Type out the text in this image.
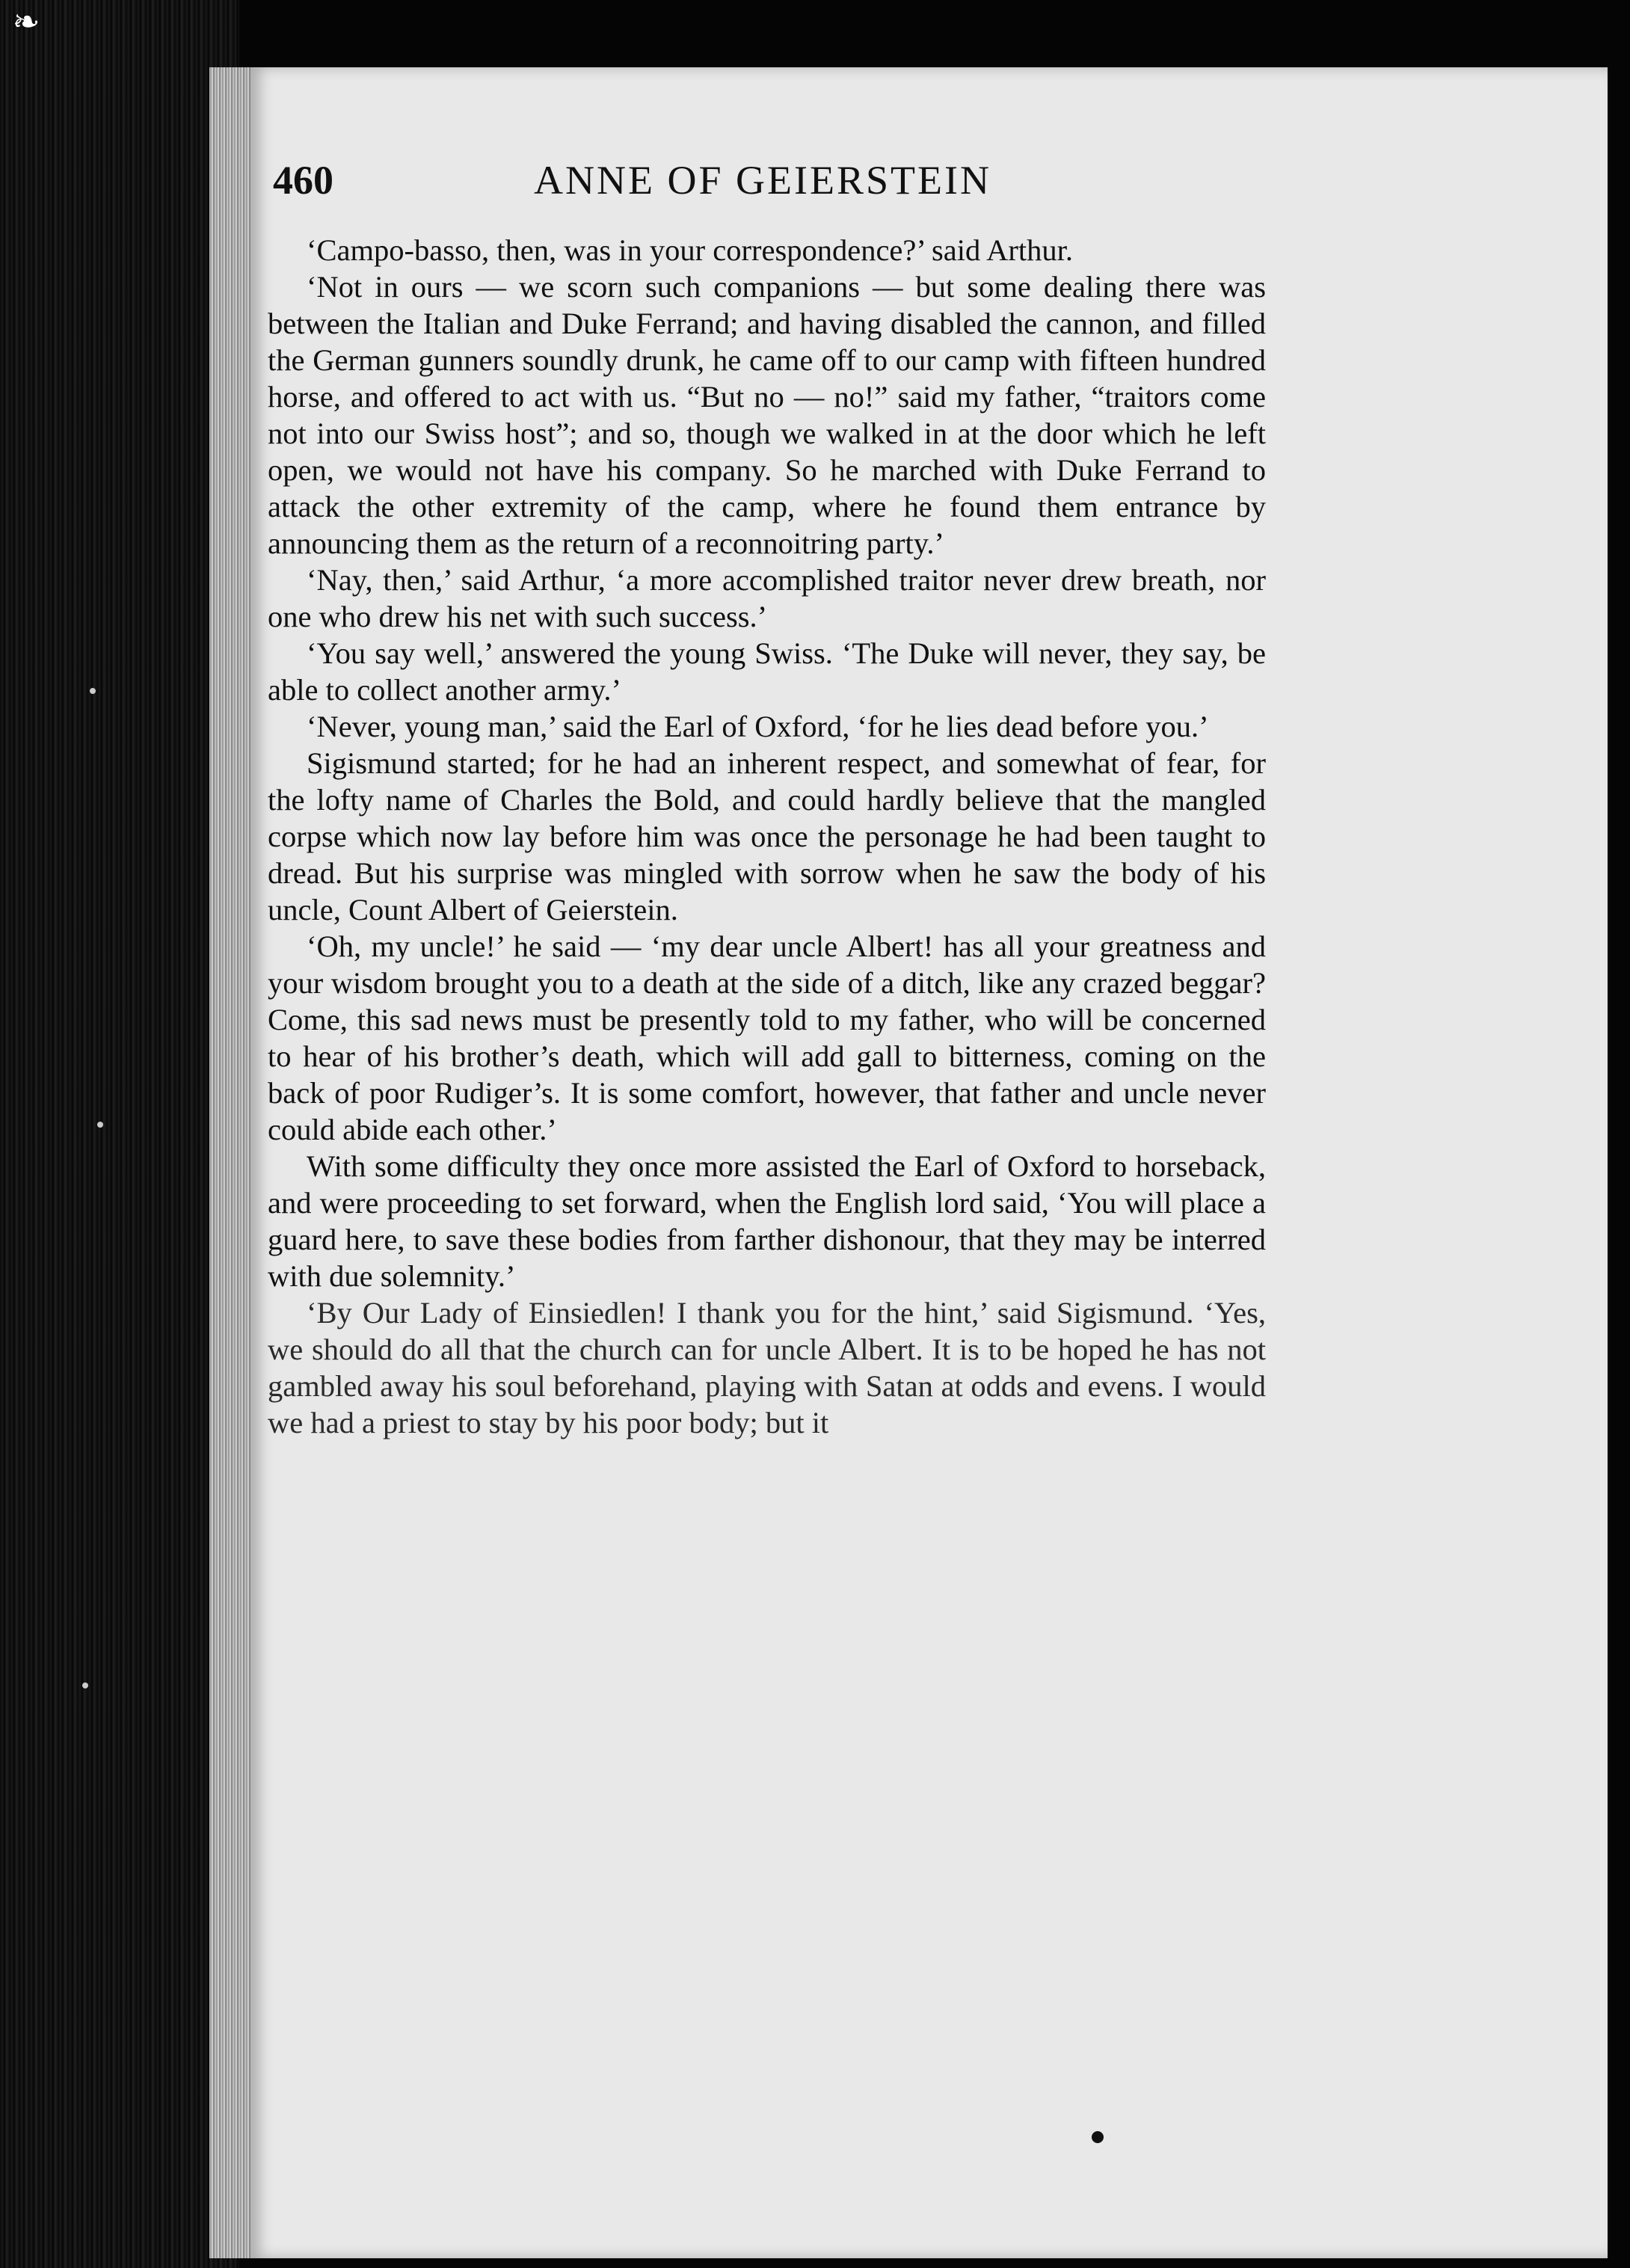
❧
460	ANNE OF GEIERSTEIN

‘Campo-basso, then, was in your correspondence?’ said Arthur.

‘Not in ours — we scorn such companions — but some dealing there was between the Italian and Duke Ferrand; and having disabled the cannon, and filled the German gunners soundly drunk, he came off to our camp with fifteen hundred horse, and offered to act with us. “But no — no!” said my father, “traitors come not into our Swiss host”; and so, though we walked in at the door which he left open, we would not have his company. So he marched with Duke Ferrand to attack the other extremity of the camp, where he found them entrance by announcing them as the return of a reconnoitring party.’

‘Nay, then,’ said Arthur, ‘a more accomplished traitor never drew breath, nor one who drew his net with such success.’

‘You say well,’ answered the young Swiss. ‘The Duke will never, they say, be able to collect another army.’

‘Never, young man,’ said the Earl of Oxford, ‘for he lies dead before you.’

Sigismund started; for he had an inherent respect, and somewhat of fear, for the lofty name of Charles the Bold, and could hardly believe that the mangled corpse which now lay before him was once the personage he had been taught to dread. But his surprise was mingled with sorrow when he saw the body of his uncle, Count Albert of Geierstein.

‘Oh, my uncle!’ he said — ‘my dear uncle Albert! has all your greatness and your wisdom brought you to a death at the side of a ditch, like any crazed beggar? Come, this sad news must be presently told to my father, who will be concerned to hear of his brother’s death, which will add gall to bitterness, coming on the back of poor Rudiger’s. It is some comfort, however, that father and uncle never could abide each other.’

With some difficulty they once more assisted the Earl of Oxford to horseback, and were proceeding to set forward, when the English lord said, ‘You will place a guard here, to save these bodies from farther dishonour, that they may be interred with due solemnity.’

‘By Our Lady of Einsiedlen! I thank you for the hint,’ said Sigismund. ‘Yes, we should do all that the church can for uncle Albert. It is to be hoped he has not gambled away his soul beforehand, playing with Satan at odds and evens. I would we had a priest to stay by his poor body; but it
